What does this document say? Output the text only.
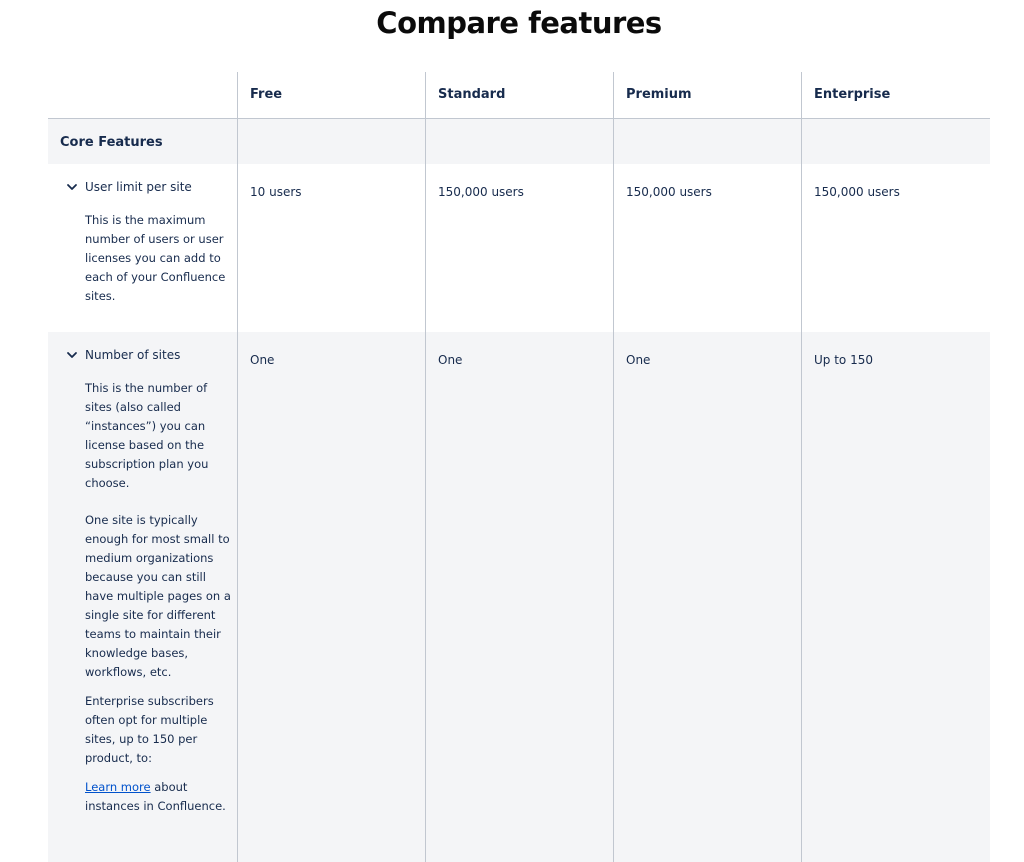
Compare features
Free	Standard	Premium	Enterprise
Core Features
User limit per site

This is the maximum number of users or user licenses you can add to each of your Confluence sites.

10 users	150,000 users	150,000 users	150,000 users
Number of sites

This is the number of sites (also called “instances”) you can license based on the subscription plan you choose.

One site is typically enough for most small to medium organizations because you can still have multiple pages on a single site for different teams to maintain their knowledge bases, workflows, etc.

Enterprise subscribers often opt for multiple sites, up to 150 per product, to:

Learn more about instances in Confluence.

One	One	One	Up to 150
